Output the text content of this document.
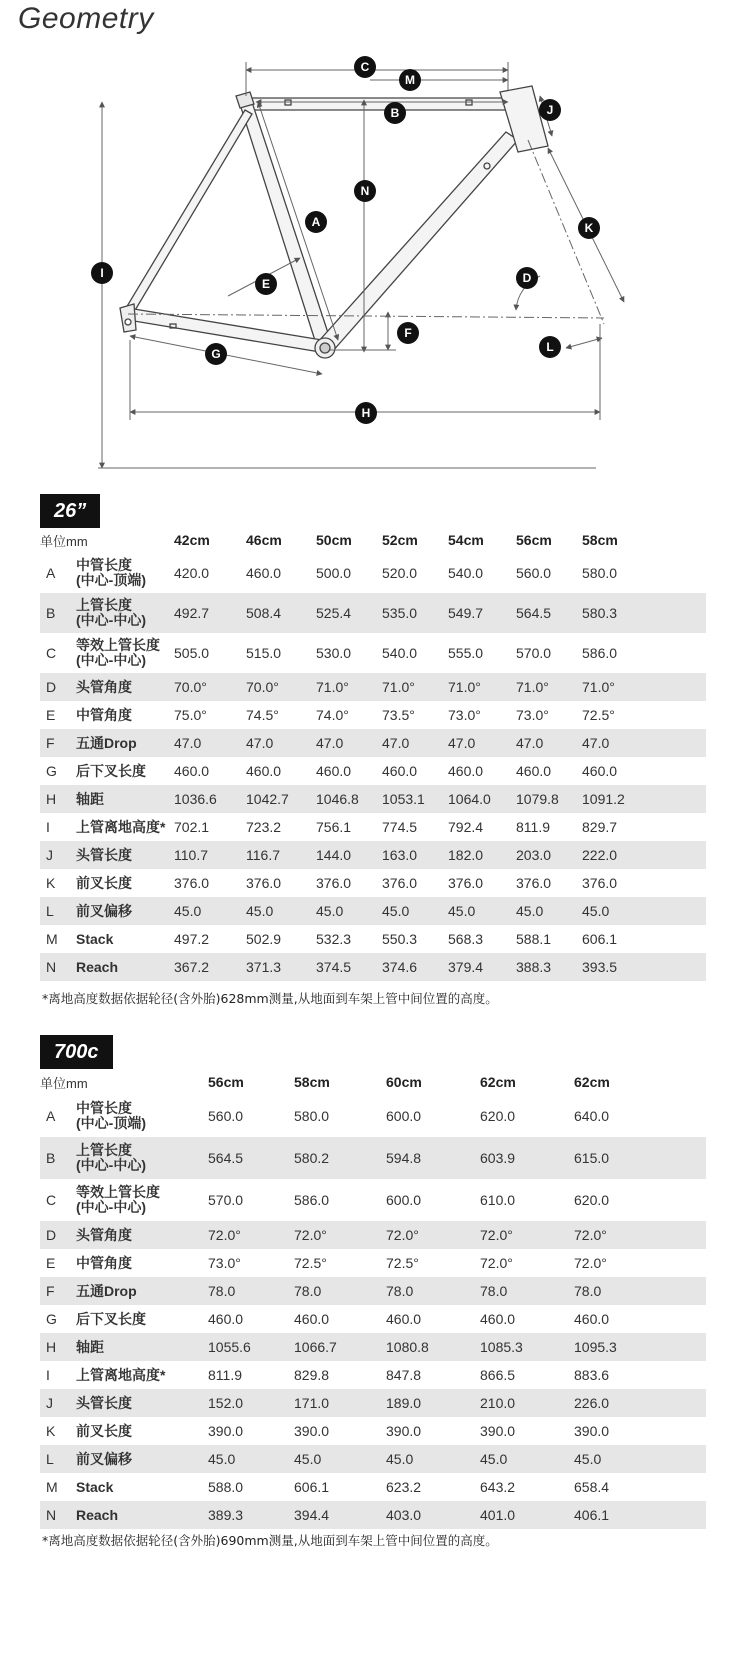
Geometry
C
M
B	J
N
A	K
I
E	D
F
L
G
H
26”
单位mm		42cm	46cm	50cm	52cm	54cm	56cm	58cm
A	中管长度
(中心-顶端)	420.0	460.0	500.0	520.0	540.0	560.0	580.0
B	上管长度
(中心-中心)	492.7	508.4	525.4	535.0	549.7	564.5	580.3
C	等效上管长度
(中心-中心)	505.0	515.0	530.0	540.0	555.0	570.0	586.0
D	头管角度	70.0°	70.0°	71.0°	71.0°	71.0°	71.0°	71.0°
E	中管角度	75.0°	74.5°	74.0°	73.5°	73.0°	73.0°	72.5°
F	五通Drop	47.0	47.0	47.0	47.0	47.0	47.0	47.0
G	后下叉长度	460.0	460.0	460.0	460.0	460.0	460.0	460.0
H	轴距	1036.6	1042.7	1046.8	1053.1	1064.0	1079.8	1091.2
I	上管离地高度*	702.1	723.2	756.1	774.5	792.4	811.9	829.7
J	头管长度	110.7	116.7	144.0	163.0	182.0	203.0	222.0
K	前叉长度	376.0	376.0	376.0	376.0	376.0	376.0	376.0
L	前叉偏移	45.0	45.0	45.0	45.0	45.0	45.0	45.0
M	Stack	497.2	502.9	532.3	550.3	568.3	588.1	606.1
N	Reach	367.2	371.3	374.5	374.6	379.4	388.3	393.5
*离地高度数据依据轮径(含外胎)628mm测量,从地面到车架上管中间位置的高度。
700c
单位mm		56cm	58cm	60cm	62cm	62cm
A	中管长度
(中心-顶端)	560.0	580.0	600.0	620.0	640.0
B	上管长度
(中心-中心)	564.5	580.2	594.8	603.9	615.0
C	等效上管长度
(中心-中心)	570.0	586.0	600.0	610.0	620.0
D	头管角度	72.0°	72.0°	72.0°	72.0°	72.0°
E	中管角度	73.0°	72.5°	72.5°	72.0°	72.0°
F	五通Drop	78.0	78.0	78.0	78.0	78.0
G	后下叉长度	460.0	460.0	460.0	460.0	460.0
H	轴距	1055.6	1066.7	1080.8	1085.3	1095.3
I	上管离地高度*	811.9	829.8	847.8	866.5	883.6
J	头管长度	152.0	171.0	189.0	210.0	226.0
K	前叉长度	390.0	390.0	390.0	390.0	390.0
L	前叉偏移	45.0	45.0	45.0	45.0	45.0
M	Stack	588.0	606.1	623.2	643.2	658.4
N	Reach	389.3	394.4	403.0	401.0	406.1
*离地高度数据依据轮径(含外胎)690mm测量,从地面到车架上管中间位置的高度。
